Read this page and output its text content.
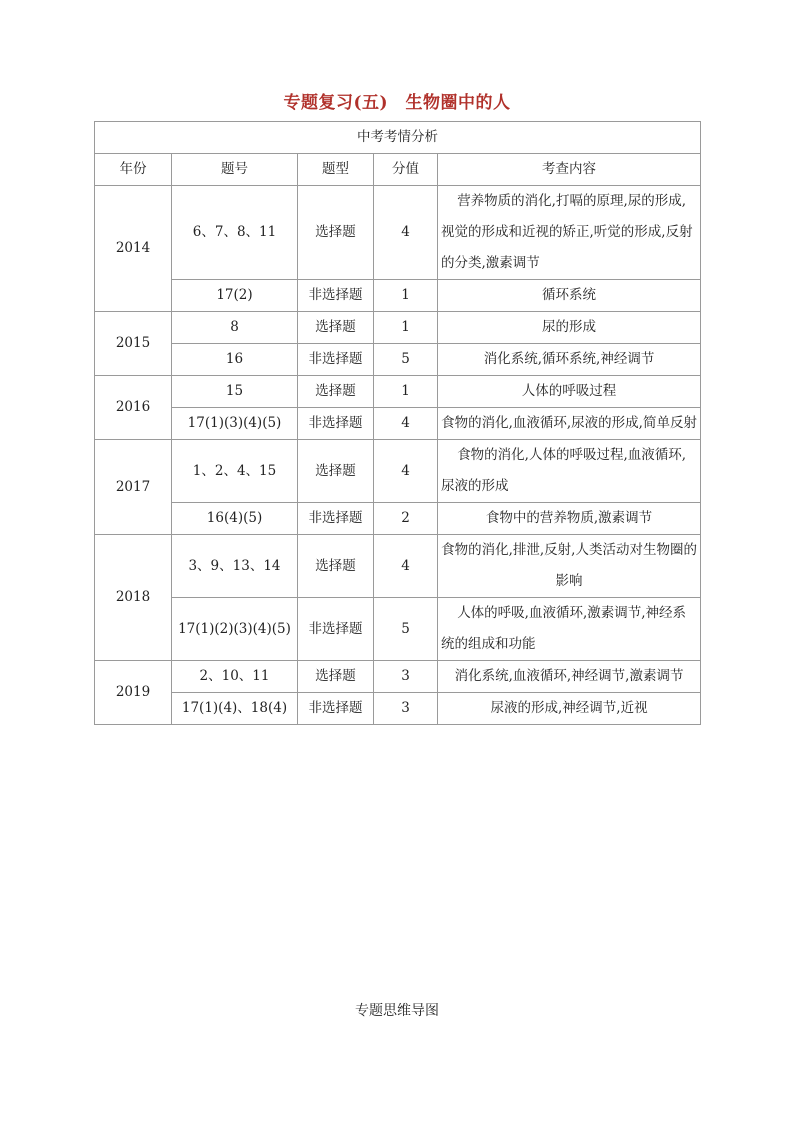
专题复习(五)　生物圈中的人
中考考情分析				
年份	题号	题型	分值	考查内容
2014	6、7、8、11	选择题	4	营养物质的消化,打嗝的原理,尿的形成,视觉的形成和近视的矫正,听觉的形成,反射的分类,激素调节
	17(2)	非选择题	1	循环系统
2015	8	选择题	1	尿的形成
	16	非选择题	5	消化系统,循环系统,神经调节
2016	15	选择题	1	人体的呼吸过程
	17(1)(3)(4)(5)	非选择题	4	食物的消化,血液循环,尿液的形成,简单反射
2017	1、2、4、15	选择题	4	食物的消化,人体的呼吸过程,血液循环,尿液的形成
	16(4)(5)	非选择题	2	食物中的营养物质,激素调节
2018	3、9、13、14	选择题	4	食物的消化,排泄,反射,人类活动对生物圈的影响
	17(1)(2)(3)(4)(5)	非选择题	5	人体的呼吸,血液循环,激素调节,神经系统的组成和功能
2019	2、10、11	选择题	3	消化系统,血液循环,神经调节,激素调节
	17(1)(4)、18(4)	非选择题	3	尿液的形成,神经调节,近视
专题思维导图
